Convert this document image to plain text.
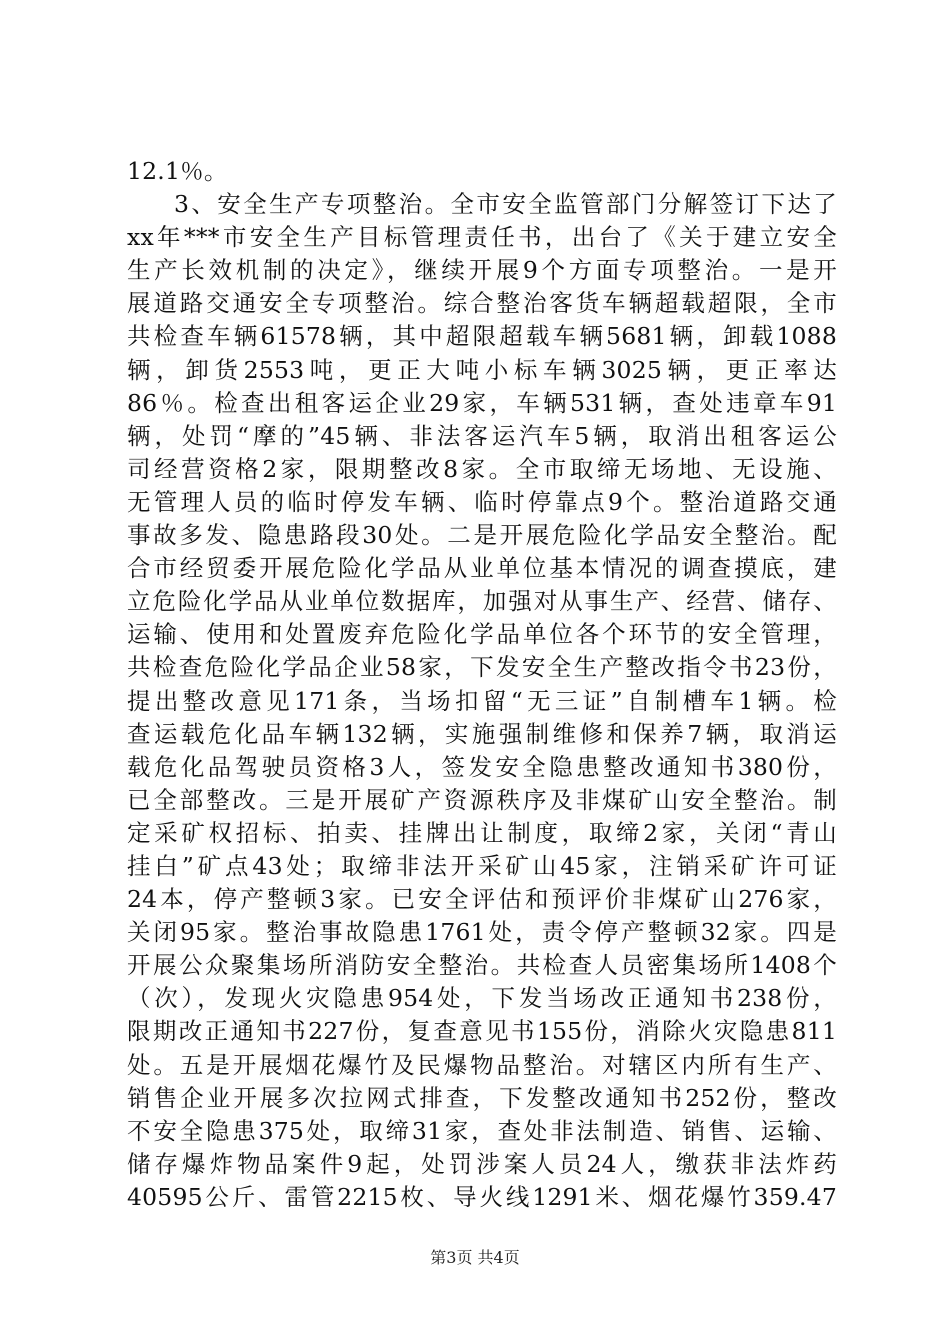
12.1％。
3、安全生产专项整治。全市安全监管部门分解签订下达了
xx年***市安全生产目标管理责任书，出台了《关于建立安全
生产长效机制的决定》，继续开展9个方面专项整治。一是开
展道路交通安全专项整治。综合整治客货车辆超载超限，全市
共检查车辆61578辆，其中超限超载车辆5681辆，卸载1088
辆，卸货2553吨，更正大吨小标车辆3025辆，更正率达
86％。检查出租客运企业29家，车辆531辆，查处违章车91
辆，处罚“摩的”45辆、非法客运汽车5辆，取消出租客运公
司经营资格2家，限期整改8家。全市取缔无场地、无设施、
无管理人员的临时停发车辆、临时停靠点9个。整治道路交通
事故多发、隐患路段30处。二是开展危险化学品安全整治。配
合市经贸委开展危险化学品从业单位基本情况的调查摸底，建
立危险化学品从业单位数据库，加强对从事生产、经营、储存、
运输、使用和处置废弃危险化学品单位各个环节的安全管理，
共检查危险化学品企业58家，下发安全生产整改指令书23份，
提出整改意见171条，当场扣留“无三证”自制槽车1辆。检
查运载危化品车辆132辆，实施强制维修和保养7辆，取消运
载危化品驾驶员资格3人，签发安全隐患整改通知书380份，
已全部整改。三是开展矿产资源秩序及非煤矿山安全整治。制
定采矿权招标、拍卖、挂牌出让制度，取缔2家，关闭“青山
挂白”矿点43处；取缔非法开采矿山45家，注销采矿许可证
24本，停产整顿3家。已安全评估和预评价非煤矿山276家，
关闭95家。整治事故隐患1761处，责令停产整顿32家。四是
开展公众聚集场所消防安全整治。共检查人员密集场所1408个
（次），发现火灾隐患954处，下发当场改正通知书238份，
限期改正通知书227份，复查意见书155份，消除火灾隐患811
处。五是开展烟花爆竹及民爆物品整治。对辖区内所有生产、
销售企业开展多次拉网式排查，下发整改通知书252份，整改
不安全隐患375处，取缔31家，查处非法制造、销售、运输、
储存爆炸物品案件9起，处罚涉案人员24人，缴获非法炸药
40595公斤、雷管2215枚、导火线1291米、烟花爆竹359.47
第3页 共4页
